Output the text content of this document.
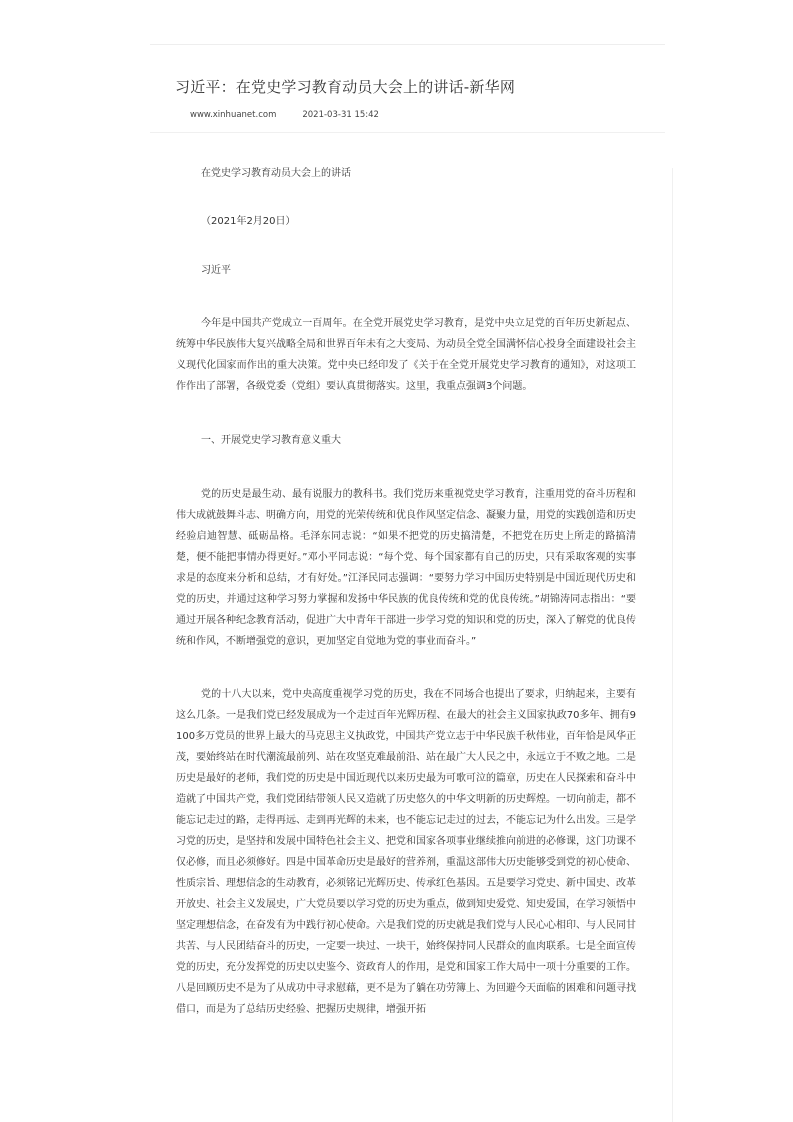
习近平：在党史学习教育动员大会上的讲话-新华网
www.xinhuanet.com	2021-03-31 15:42

在党史学习教育动员大会上的讲话

（2021年2月20日）

习近平

今年是中国共产党成立一百周年。在全党开展党史学习教育，是党中央立足党的百年历史新起点、统筹中华民族伟大复兴战略全局和世界百年未有之大变局、为动员全党全国满怀信心投身全面建设社会主义现代化国家而作出的重大决策。党中央已经印发了《关于在全党开展党史学习教育的通知》，对这项工作作出了部署，各级党委（党组）要认真贯彻落实。这里，我重点强调3个问题。

一、开展党史学习教育意义重大

党的历史是最生动、最有说服力的教科书。我们党历来重视党史学习教育，注重用党的奋斗历程和伟大成就鼓舞斗志、明确方向，用党的光荣传统和优良作风坚定信念、凝聚力量，用党的实践创造和历史经验启迪智慧、砥砺品格。毛泽东同志说：“如果不把党的历史搞清楚，不把党在历史上所走的路搞清楚，便不能把事情办得更好。”邓小平同志说：“每个党、每个国家都有自己的历史，只有采取客观的实事求是的态度来分析和总结，才有好处。”江泽民同志强调：“要努力学习中国历史特别是中国近现代历史和党的历史，并通过这种学习努力掌握和发扬中华民族的优良传统和党的优良传统。”胡锦涛同志指出：“要通过开展各种纪念教育活动，促进广大中青年干部进一步学习党的知识和党的历史，深入了解党的优良传统和作风，不断增强党的意识，更加坚定自觉地为党的事业而奋斗。”

党的十八大以来，党中央高度重视学习党的历史，我在不同场合也提出了要求，归纳起来，主要有这么几条。一是我们党已经发展成为一个走过百年光辉历程、在最大的社会主义国家执政70多年、拥有9100多万党员的世界上最大的马克思主义执政党，中国共产党立志于中华民族千秋伟业，百年恰是风华正茂，要始终站在时代潮流最前列、站在攻坚克难最前沿、站在最广大人民之中，永远立于不败之地。二是历史是最好的老师，我们党的历史是中国近现代以来历史最为可歌可泣的篇章，历史在人民探索和奋斗中造就了中国共产党，我们党团结带领人民又造就了历史悠久的中华文明新的历史辉煌。一切向前走，都不能忘记走过的路，走得再远、走到再光辉的未来，也不能忘记走过的过去，不能忘记为什么出发。三是学习党的历史，是坚持和发展中国特色社会主义、把党和国家各项事业继续推向前进的必修课，这门功课不仅必修，而且必须修好。四是中国革命历史是最好的营养剂，重温这部伟大历史能够受到党的初心使命、性质宗旨、理想信念的生动教育，必须铭记光辉历史、传承红色基因。五是要学习党史、新中国史、改革开放史、社会主义发展史，广大党员要以学习党的历史为重点，做到知史爱党、知史爱国，在学习领悟中坚定理想信念，在奋发有为中践行初心使命。六是我们党的历史就是我们党与人民心心相印、与人民同甘共苦、与人民团结奋斗的历史，一定要一块过、一块干，始终保持同人民群众的血肉联系。七是全面宣传党的历史，充分发挥党的历史以史鉴今、资政育人的作用，是党和国家工作大局中一项十分重要的工作。八是回顾历史不是为了从成功中寻求慰藉，更不是为了躺在功劳簿上、为回避今天面临的困难和问题寻找借口，而是为了总结历史经验、把握历史规律，增强开拓
